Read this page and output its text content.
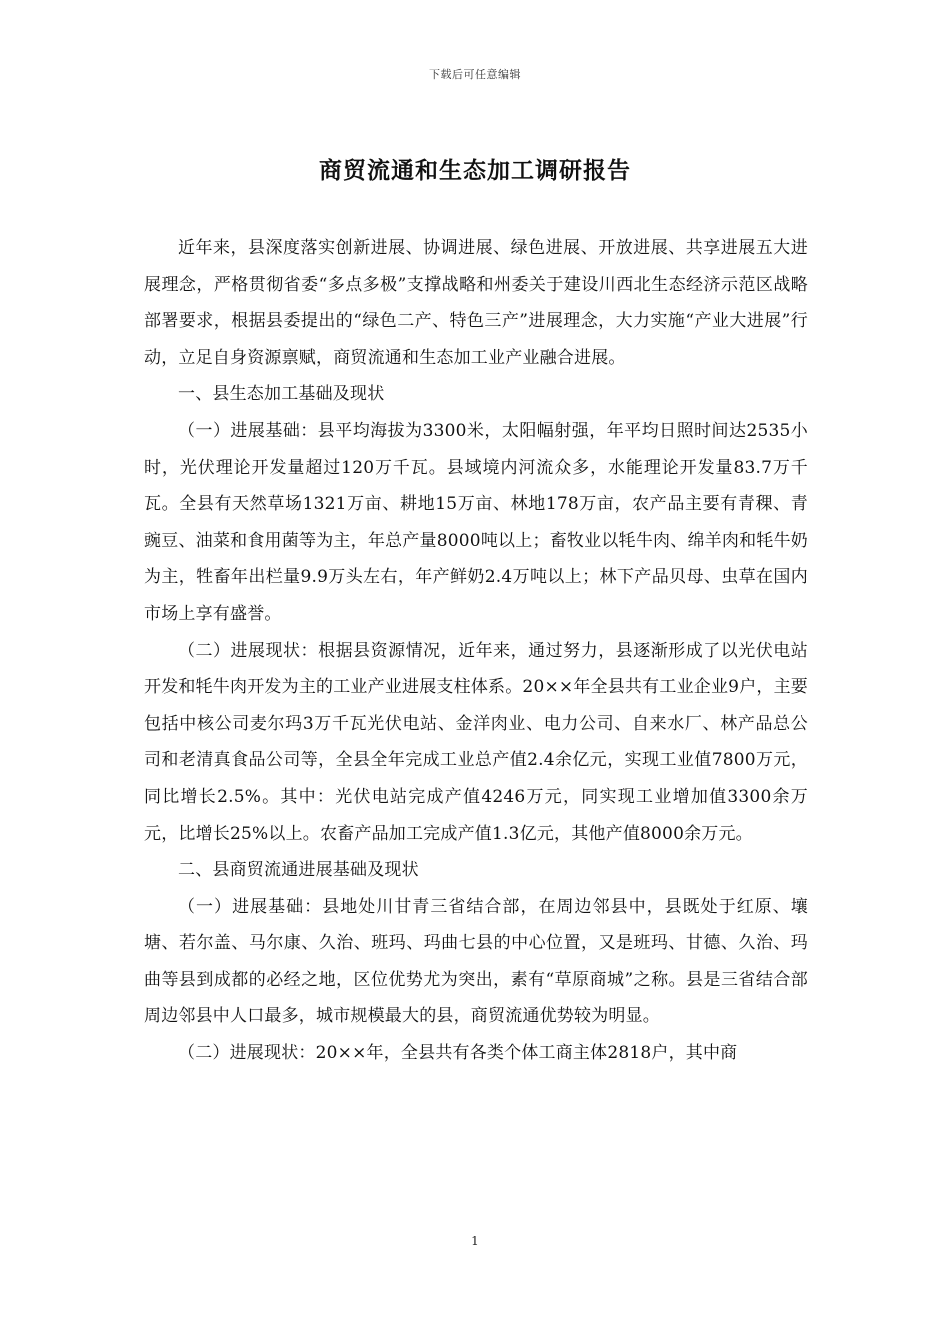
下载后可任意编辑
商贸流通和生态加工调研报告

近年来，县深度落实创新进展、协调进展、绿色进展、开放进展、共享进展五大进展理念，严格贯彻省委“多点多极”支撑战略和州委关于建设川西北生态经济示范区战略部署要求，根据县委提出的“绿色二产、特色三产”进展理念，大力实施“产业大进展”行动，立足自身资源禀赋，商贸流通和生态加工业产业融合进展。

一、县生态加工基础及现状

（一）进展基础：县平均海拔为3300米，太阳幅射强，年平均日照时间达2535小时，光伏理论开发量超过120万千瓦。县域境内河流众多，水能理论开发量83.7万千瓦。全县有天然草场1321万亩、耕地15万亩、林地178万亩，农产品主要有青稞、青豌豆、油菜和食用菌等为主，年总产量8000吨以上；畜牧业以牦牛肉、绵羊肉和牦牛奶为主，牲畜年出栏量9.9万头左右，年产鲜奶2.4万吨以上；林下产品贝母、虫草在国内市场上享有盛誉。

（二）进展现状：根据县资源情况，近年来，通过努力，县逐渐形成了以光伏电站开发和牦牛肉开发为主的工业产业进展支柱体系。20××年全县共有工业企业9户，主要包括中核公司麦尔玛3万千瓦光伏电站、金洋肉业、电力公司、自来水厂、林产品总公司和老清真食品公司等，全县全年完成工业总产值2.4余亿元，实现工业值7800万元，同比增长2.5%。其中：光伏电站完成产值4246万元，同实现工业增加值3300余万元，比增长25%以上。农畜产品加工完成产值1.3亿元，其他产值8000余万元。

二、县商贸流通进展基础及现状

（一）进展基础：县地处川甘青三省结合部，在周边邻县中，县既处于红原、壤塘、若尔盖、马尔康、久治、班玛、玛曲七县的中心位置，又是班玛、甘德、久治、玛曲等县到成都的必经之地，区位优势尤为突出，素有“草原商城”之称。县是三省结合部周边邻县中人口最多，城市规模最大的县，商贸流通优势较为明显。

（二）进展现状：20××年，全县共有各类个体工商主体2818户，其中商

1
